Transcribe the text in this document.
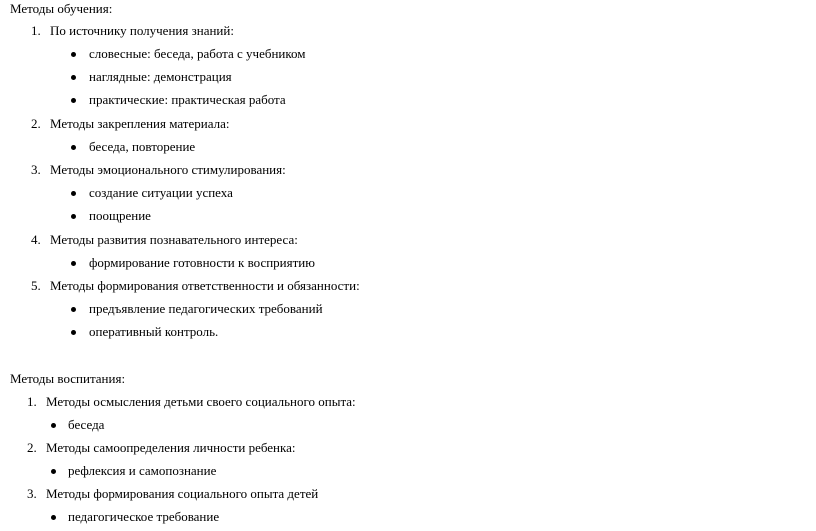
Методы обучения:
1. По источнику получения знаний:
словесные: беседа, работа с учебником
наглядные: демонстрация
практические: практическая работа
2. Методы закрепления материала:
беседа, повторение
3. Методы эмоционального стимулирования:
создание ситуации успеха
поощрение
4. Методы развития познавательного интереса:
формирование готовности к восприятию
5. Методы формирования ответственности и обязанности:
предъявление педагогических требований
оперативный контроль.
Методы воспитания:
1. Методы осмысления детьми своего социального опыта:
беседа
2. Методы самоопределения личности ребенка:
рефлексия и самопознание
3. Методы формирования социального опыта детей
педагогическое требование
